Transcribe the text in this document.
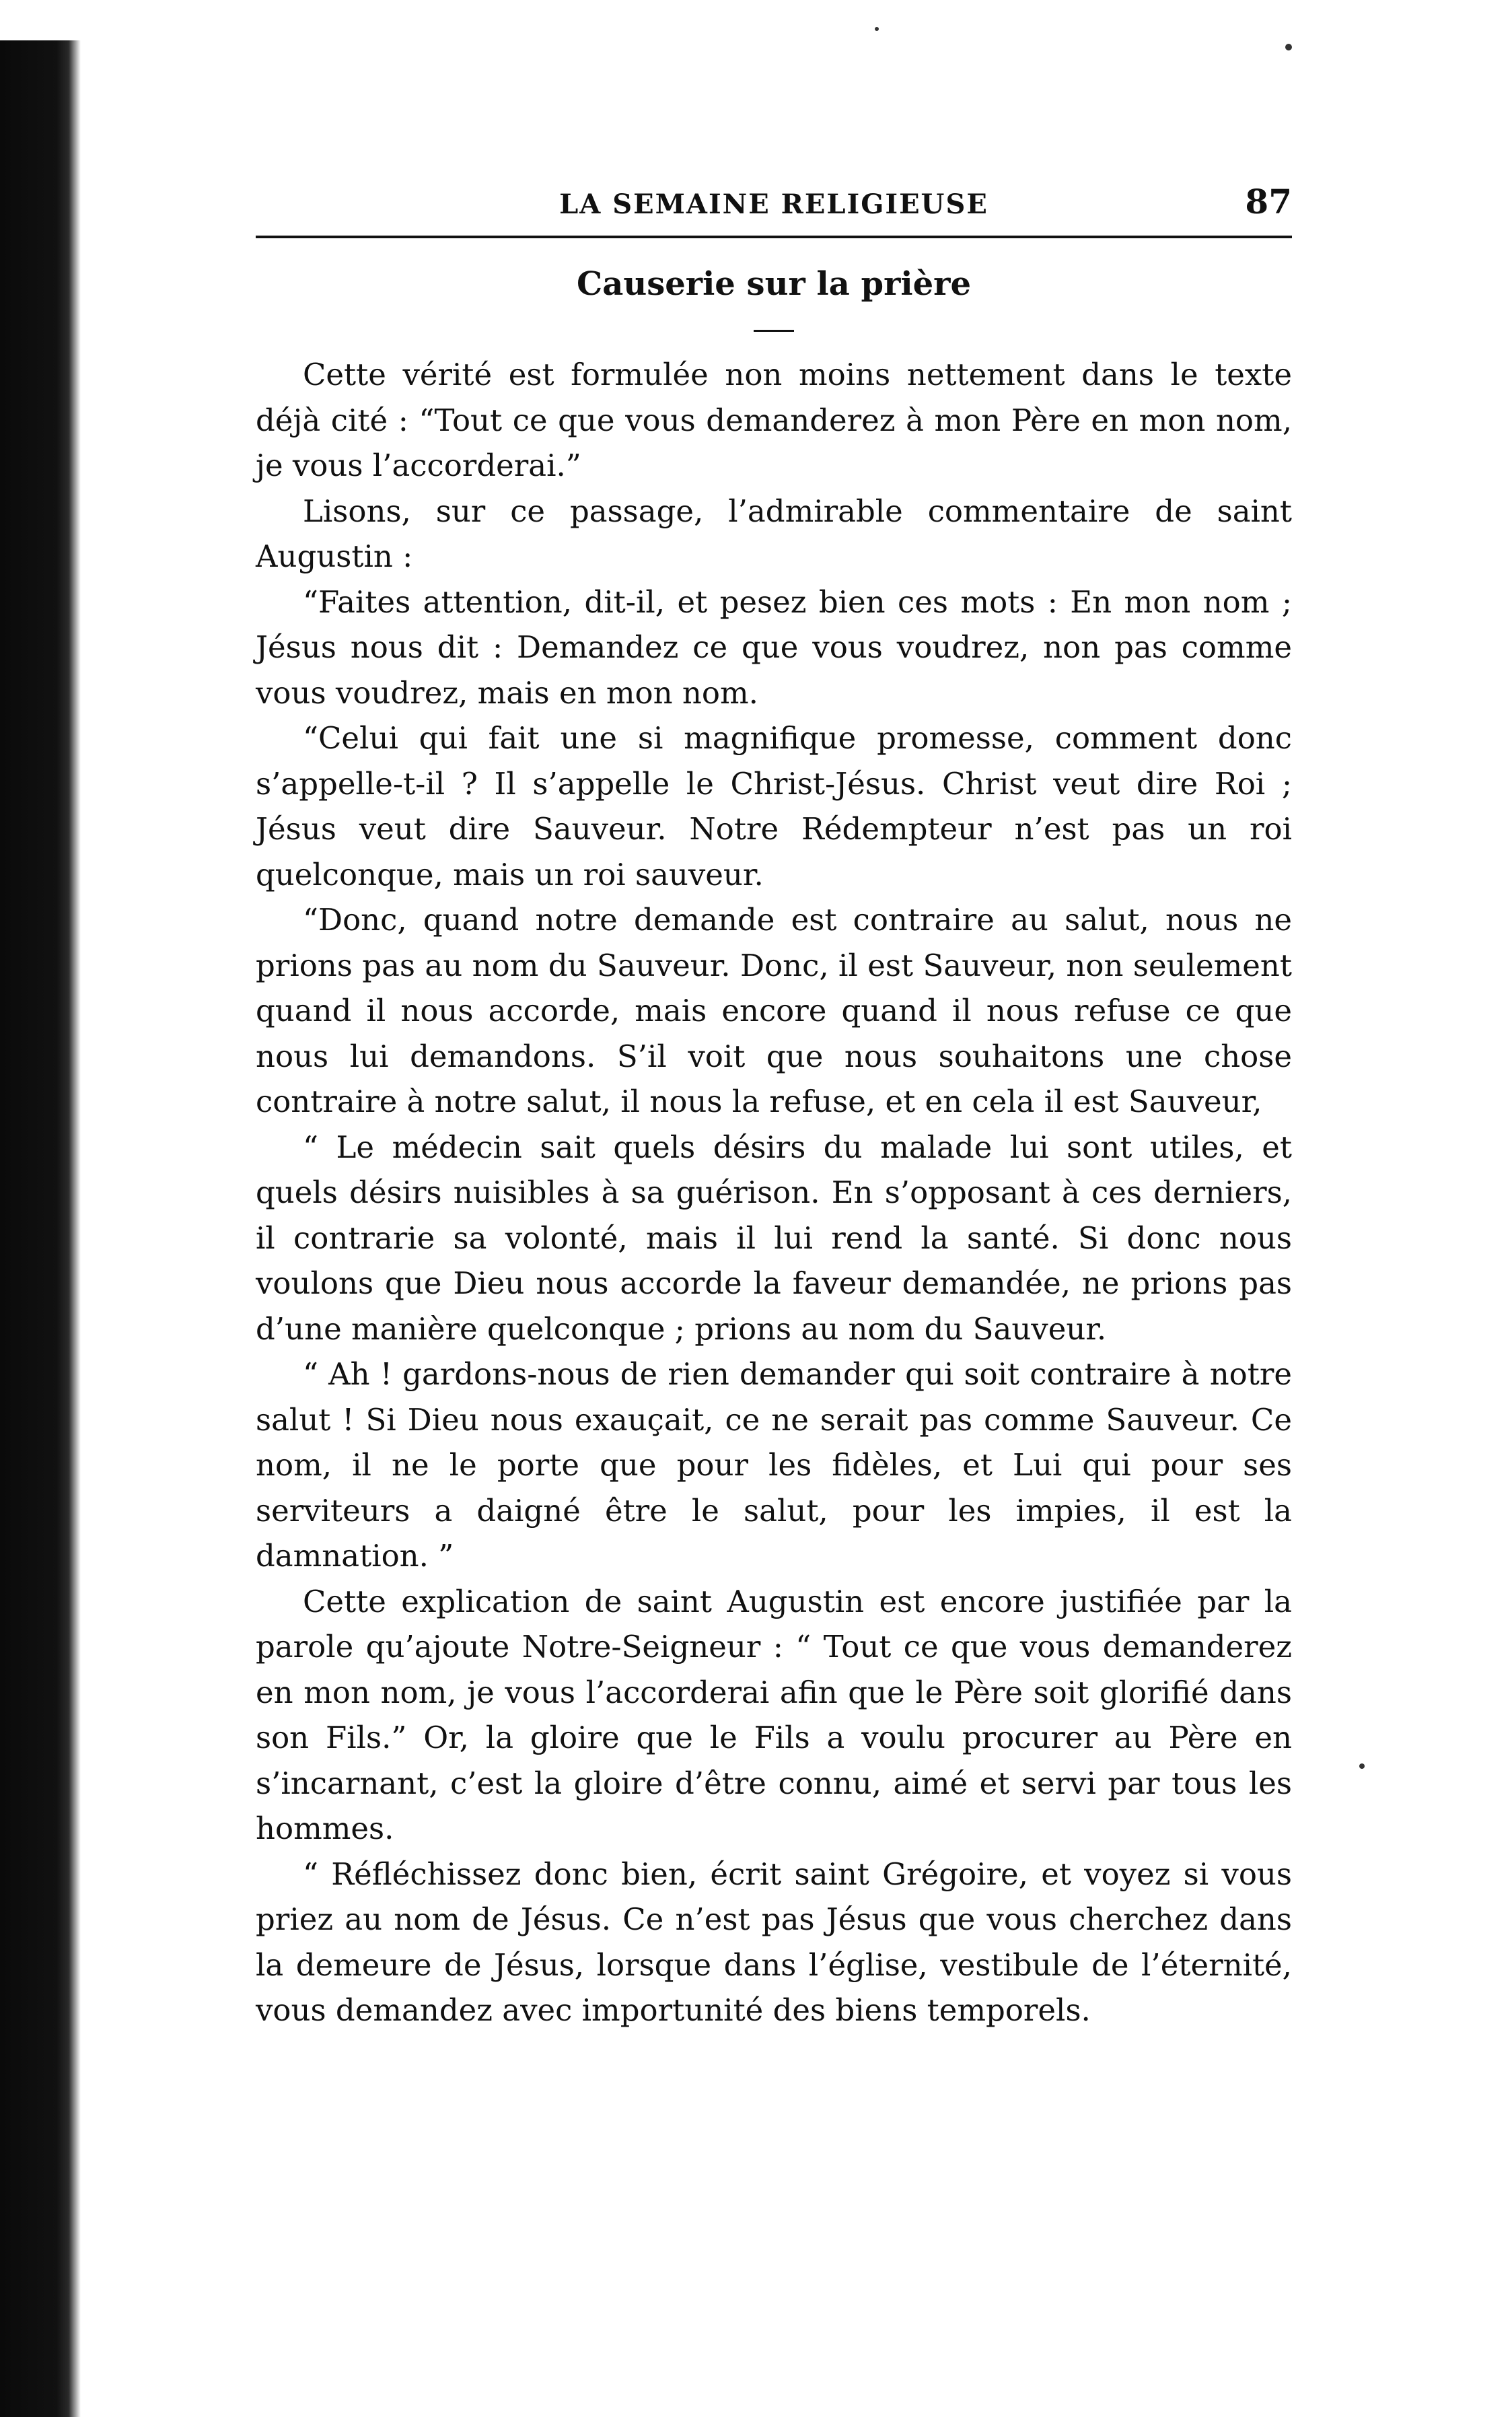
LA SEMAINE RELIGIEUSE	87
Causerie sur la prière

Cette vérité est formulée non moins nettement dans le texte déjà cité : “Tout ce que vous demanderez à mon Père en mon nom, je vous l’accorderai.”

Lisons, sur ce passage, l’admirable commentaire de saint Augustin :

“Faites attention, dit-il, et pesez bien ces mots : En mon nom ; Jésus nous dit : Demandez ce que vous voudrez, non pas comme vous voudrez, mais en mon nom.

“Celui qui fait une si magnifique promesse, comment donc s’appelle-t-il ? Il s’appelle le Christ-Jésus. Christ veut dire Roi ; Jésus veut dire Sauveur. Notre Rédempteur n’est pas un roi quelconque, mais un roi sauveur.

“Donc, quand notre demande est contraire au salut, nous ne prions pas au nom du Sauveur. Donc, il est Sauveur, non seulement quand il nous accorde, mais encore quand il nous refuse ce que nous lui demandons. S’il voit que nous souhaitons une chose contraire à notre salut, il nous la refuse, et en cela il est Sauveur,

“ Le médecin sait quels désirs du malade lui sont utiles, et quels désirs nuisibles à sa guérison. En s’opposant à ces derniers, il contrarie sa volonté, mais il lui rend la santé. Si donc nous voulons que Dieu nous accorde la faveur demandée, ne prions pas d’une manière quelconque ; prions au nom du Sauveur.

“ Ah ! gardons-nous de rien demander qui soit contraire à notre salut ! Si Dieu nous exauçait, ce ne serait pas comme Sauveur. Ce nom, il ne le porte que pour les fidèles, et Lui qui pour ses serviteurs a daigné être le salut, pour les impies, il est la damnation. ”

Cette explication de saint Augustin est encore justifiée par la parole qu’ajoute Notre-Seigneur : “ Tout ce que vous demanderez en mon nom, je vous l’accorderai afin que le Père soit glorifié dans son Fils.” Or, la gloire que le Fils a voulu procurer au Père en s’incarnant, c’est la gloire d’être connu, aimé et servi par tous les hommes.

“ Réfléchissez donc bien, écrit saint Grégoire, et voyez si vous priez au nom de Jésus. Ce n’est pas Jésus que vous cherchez dans la demeure de Jésus, lorsque dans l’église, vestibule de l’éternité, vous demandez avec importunité des biens temporels.
